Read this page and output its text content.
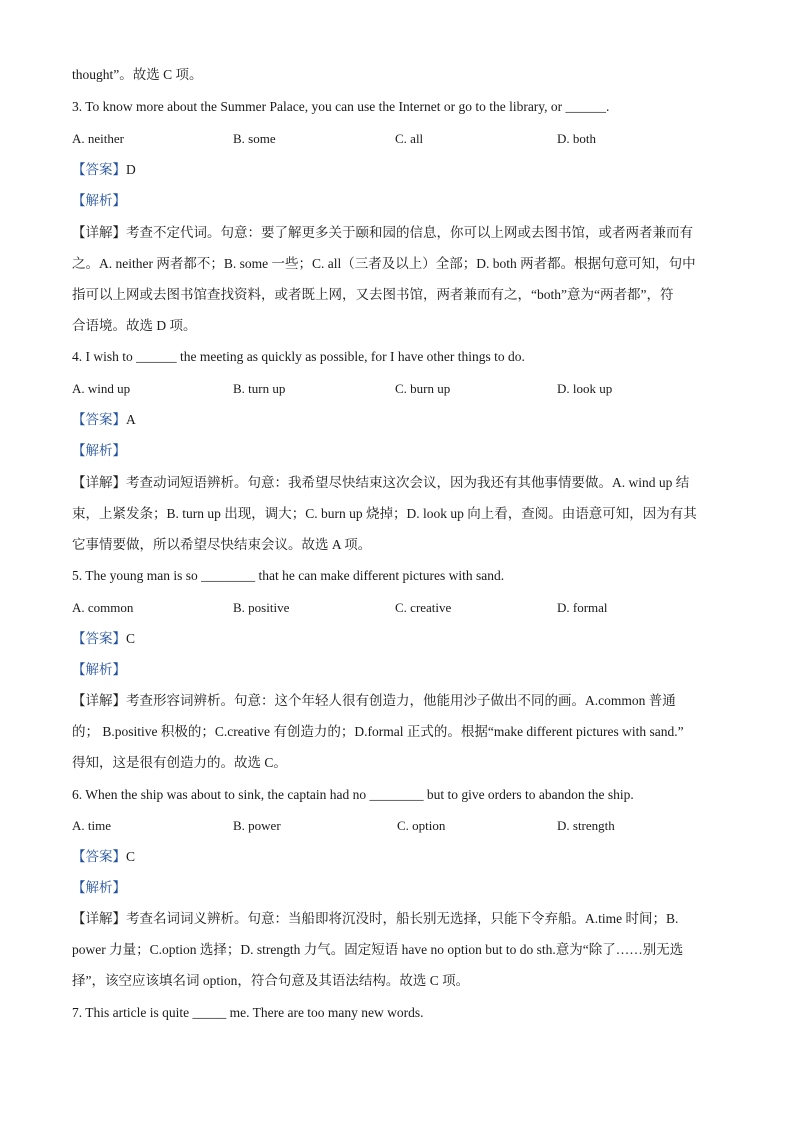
thought”。故选 C 项。
3. To know more about the Summer Palace, you can use the Internet or go to the library, or ______.
A. neither	B. some	C. all	D. both
【答案】D
【解析】
【详解】考查不定代词。句意：要了解更多关于颐和园的信息，你可以上网或去图书馆，或者两者兼而有
之。A. neither 两者都不；B. some 一些；C. all（三者及以上）全部；D. both 两者都。根据句意可知，句中
指可以上网或去图书馆查找资料，或者既上网，又去图书馆，两者兼而有之，“both”意为“两者都”，符
合语境。故选 D 项。
4. I wish to ______ the meeting as quickly as possible, for I have other things to do.
A. wind up	B. turn up	C. burn up	D. look up
【答案】A
【解析】
【详解】考查动词短语辨析。句意：我希望尽快结束这次会议，因为我还有其他事情要做。A. wind up 结
束，上紧发条；B. turn up 出现，调大；C. burn up 烧掉；D. look up 向上看，查阅。由语意可知，因为有其
它事情要做，所以希望尽快结束会议。故选 A 项。
5. The young man is so ________ that he can make different pictures with sand.
A. common	B. positive	C. creative	D. formal
【答案】C
【解析】
【详解】考查形容词辨析。句意：这个年轻人很有创造力，他能用沙子做出不同的画。A.common 普通
的； B.positive 积极的；C.creative 有创造力的；D.formal 正式的。根据“make different pictures with sand.”
得知，这是很有创造力的。故选 C。
6. When the ship was about to sink, the captain had no ________ but to give orders to abandon the ship.
A. time	B. power	C. option	D. strength
【答案】C
【解析】
【详解】考查名词词义辨析。句意：当船即将沉没时，船长别无选择，只能下令弃船。A.time 时间；B.
power 力量；C.option 选择；D. strength 力气。固定短语 have no option but to do sth.意为“除了……别无选
择”，该空应该填名词 option，符合句意及其语法结构。故选 C 项。
7. This article is quite _____ me. There are too many new words.
